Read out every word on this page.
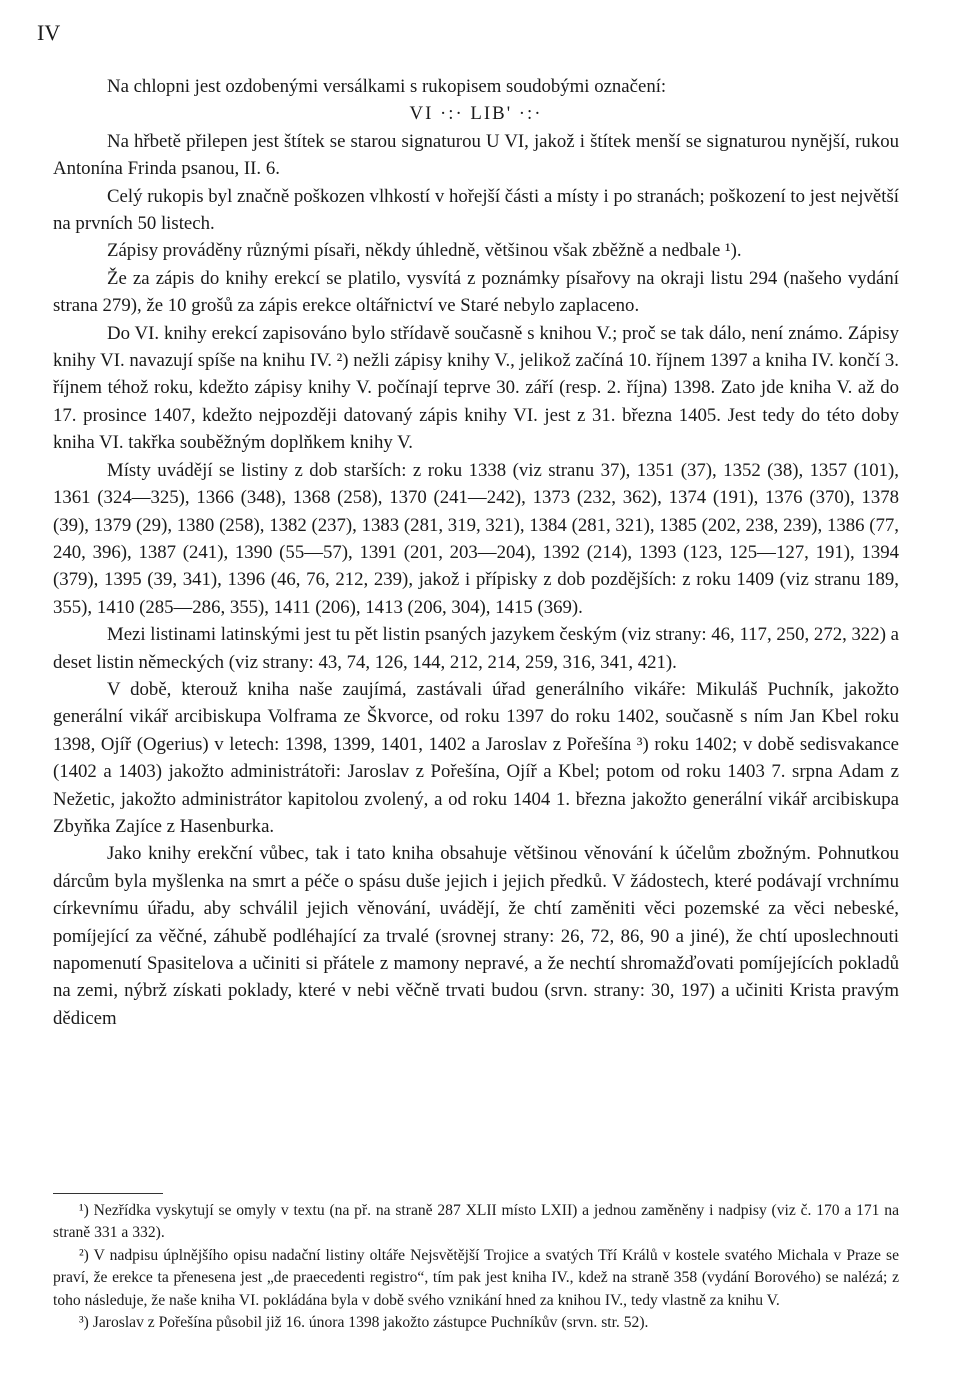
IV

Na chlopni jest ozdobenými versálkami s rukopisem soudobými označení:

VI ·:· LIB' ·:·

Na hřbetě přilepen jest štítek se starou signaturou U VI, jakož i štítek menší se signaturou nynější, rukou Antonína Frinda psanou, II. 6.

Celý rukopis byl značně poškozen vlhkostí v hořejší části a místy i po stranách; poškození to jest největší na prvních 50 listech.

Zápisy prováděny různými písaři, někdy úhledně, většinou však zběžně a nedbale ¹).

Že za zápis do knihy erekcí se platilo, vysvítá z poznámky písařovy na okraji listu 294 (našeho vydání strana 279), že 10 grošů za zápis erekce oltářnictví ve Staré nebylo zaplaceno.

Do VI. knihy erekcí zapisováno bylo střídavě současně s knihou V.; proč se tak dálo, není známo. Zápisy knihy VI. navazují spíše na knihu IV. ²) nežli zápisy knihy V., jelikož začíná 10. říjnem 1397 a kniha IV. končí 3. říjnem téhož roku, kdežto zápisy knihy V. počínají teprve 30. září (resp. 2. října) 1398. Zato jde kniha V. až do 17. prosince 1407, kdežto nejpozději datovaný zápis knihy VI. jest z 31. března 1405. Jest tedy do této doby kniha VI. takřka souběžným doplňkem knihy V.

Místy uvádějí se listiny z dob starších: z roku 1338 (viz stranu 37), 1351 (37), 1352 (38), 1357 (101), 1361 (324—325), 1366 (348), 1368 (258), 1370 (241—242), 1373 (232, 362), 1374 (191), 1376 (370), 1378 (39), 1379 (29), 1380 (258), 1382 (237), 1383 (281, 319, 321), 1384 (281, 321), 1385 (202, 238, 239), 1386 (77, 240, 396), 1387 (241), 1390 (55—57), 1391 (201, 203—204), 1392 (214), 1393 (123, 125—127, 191), 1394 (379), 1395 (39, 341), 1396 (46, 76, 212, 239), jakož i přípisky z dob pozdějších: z roku 1409 (viz stranu 189, 355), 1410 (285—286, 355), 1411 (206), 1413 (206, 304), 1415 (369).

Mezi listinami latinskými jest tu pět listin psaných jazykem českým (viz strany: 46, 117, 250, 272, 322) a deset listin německých (viz strany: 43, 74, 126, 144, 212, 214, 259, 316, 341, 421).

V době, kterouž kniha naše zaujímá, zastávali úřad generálního vikáře: Mikuláš Puchník, jakožto generální vikář arcibiskupa Volframa ze Škvorce, od roku 1397 do roku 1402, současně s ním Jan Kbel roku 1398, Ojíř (Ogerius) v letech: 1398, 1399, 1401, 1402 a Jaroslav z Pořešína ³) roku 1402; v době sedisvakance (1402 a 1403) jakožto administrátoři: Jaroslav z Pořešína, Ojíř a Kbel; potom od roku 1403 7. srpna Adam z Nežetic, jakožto administrátor kapitolou zvolený, a od roku 1404 1. března jakožto generální vikář arcibiskupa Zbyňka Zajíce z Hasenburka.

Jako knihy erekční vůbec, tak i tato kniha obsahuje většinou věnování k účelům zbožným. Pohnutkou dárcům byla myšlenka na smrt a péče o spásu duše jejich i jejich předků. V žádostech, které podávají vrchnímu církevnímu úřadu, aby schválil jejich věnování, uvádějí, že chtí zaměniti věci pozemské za věci nebeské, pomíjející za věčné, záhubě podléhající za trvalé (srovnej strany: 26, 72, 86, 90 a jiné), že chtí uposlechnouti napomenutí Spasitelova a učiniti si přátele z mamony nepravé, a že nechtí shromažďovati pomíjejících pokladů na zemi, nýbrž získati poklady, které v nebi věčně trvati budou (srvn. strany: 30, 197) a učiniti Krista pravým dědicem

¹) Nezřídka vyskytují se omyly v textu (na př. na straně 287 XLII místo LXII) a jednou zaměněny i nadpisy (viz č. 170 a 171 na straně 331 a 332).

²) V nadpisu úplnějšího opisu nadační listiny oltáře Nejsvětější Trojice a svatých Tří Králů v kostele svatého Michala v Praze se praví, že erekce ta přenesena jest „de praecedenti registro“, tím pak jest kniha IV., kdež na straně 358 (vydání Borového) se nalézá; z toho následuje, že naše kniha VI. pokládána byla v době svého vznikání hned za knihou IV., tedy vlastně za knihu V.

³) Jaroslav z Pořešína působil již 16. února 1398 jakožto zástupce Puchníkův (srvn. str. 52).
